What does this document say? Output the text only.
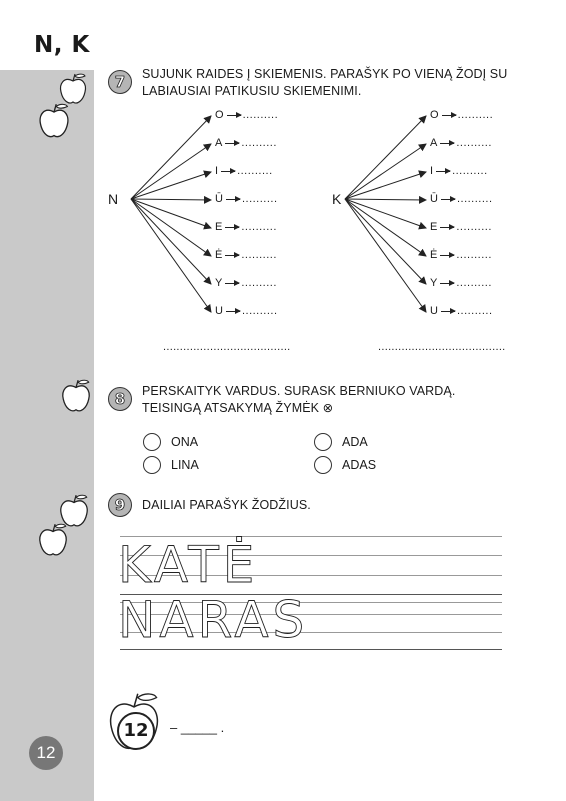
N, K
7	SUJUNK RAIDES Į SKIEMENIS. PARAŠYK PO VIENĄ ŽODĮ SU LABIAUSIAI PATIKUSIU SKIEMENIMI.
N	K
O ..........
A ..........
I ..........
Ū ..........
E ..........
Ė ..........
Y ..........
U ..........
O ..........
A ..........
I ..........
Ū ..........
E ..........
Ė ..........
Y ..........
U ..........
......................................	......................................
8	PERSKAITYK VARDUS. SURASK BERNIUKO VARDĄ. TEISINGĄ ATSAKYMĄ ŽYMĖK ⊗
ONA	ADA
LINA	ADAS
9	DAILIAI PARAŠYK ŽODŽIUS.
KATĖ
NARAS
12	– _____ .
12
